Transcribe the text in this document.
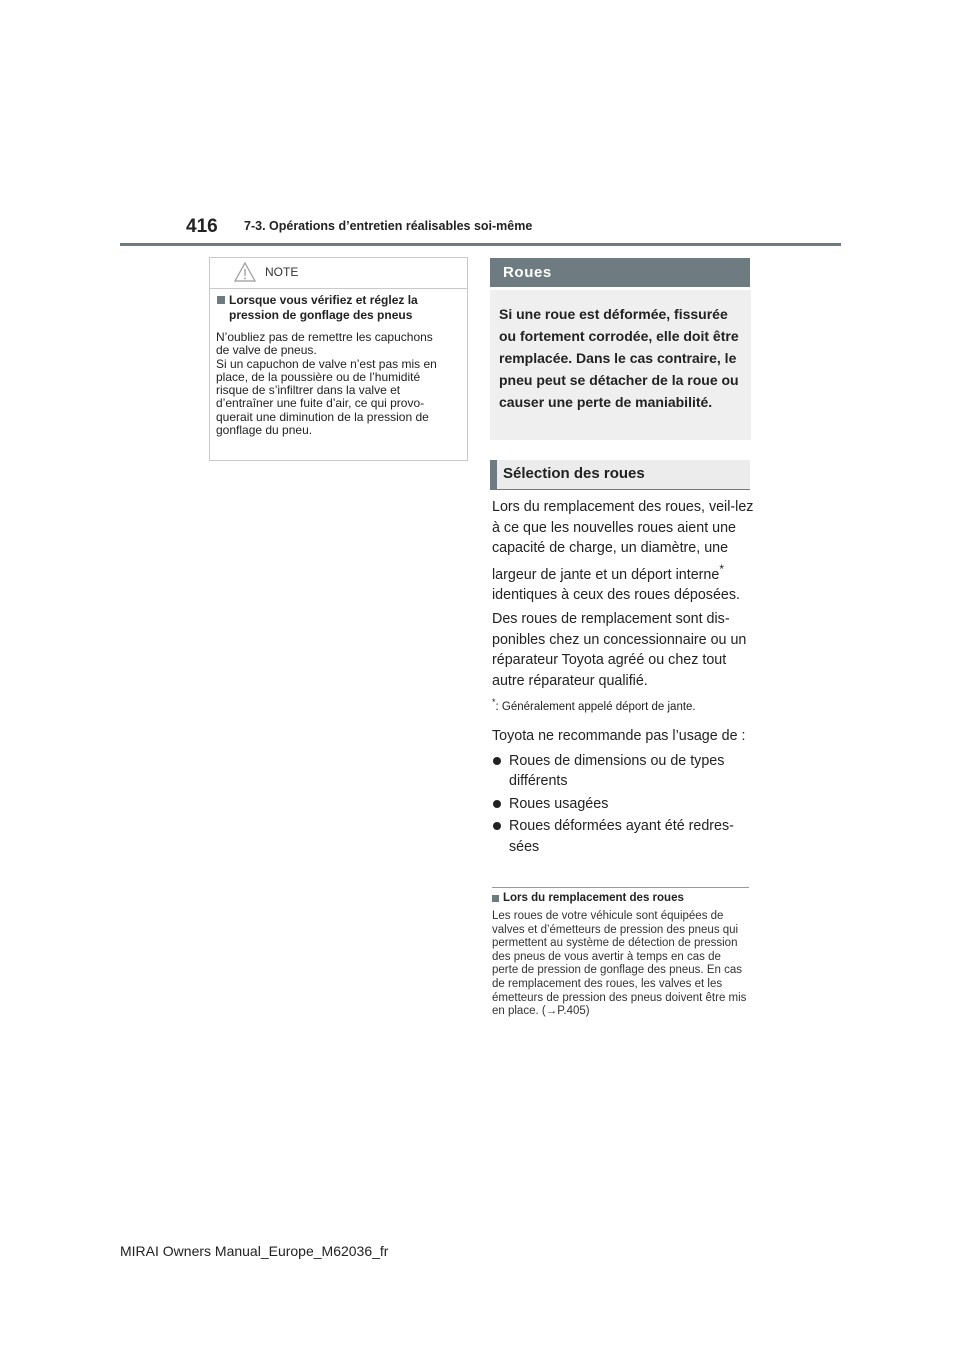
416 7-3. Opérations d’entretien réalisables soi-même
NOTE
Lorsque vous vérifiez et réglez la pression de gonflage des pneus

N’oubliez pas de remettre les capuchons

de valve de pneus.

Si un capuchon de valve n’est pas mis en

place, de la poussière ou de l’humidité

risque de s’infiltrer dans la valve et

d’entraîner une fuite d’air, ce qui provo-

querait une diminution de la pression de

gonflage du pneu.

Roues
Si une roue est déformée, fissurée ou fortement corrodée, elle doit être remplacée. Dans le cas contraire, le pneu peut se détacher de la roue ou causer une perte de maniabilité.
Sélection des roues

Lors du remplacement des roues, veil-lez à ce que les nouvelles roues aient une capacité de charge, un diamètre, une largeur de jante et un déport interne* identiques à ceux des roues déposées.

Des roues de remplacement sont dis-ponibles chez un concessionnaire ou un réparateur Toyota agréé ou chez tout autre réparateur qualifié.

*: Généralement appelé déport de jante.

Toyota ne recommande pas l’usage de :

Roues de dimensions ou de types différents
Roues usagées
Roues déformées ayant été redres-sées
Lors du remplacement des roues
Les roues de votre véhicule sont équipées de valves et d’émetteurs de pression des pneus qui permettent au système de détection de pression des pneus de vous avertir à temps en cas de perte de pression de gonflage des pneus. En cas de remplacement des roues, les valves et les émetteurs de pression des pneus doivent être mis en place. (→P.405)
MIRAI Owners Manual_Europe_M62036_fr
